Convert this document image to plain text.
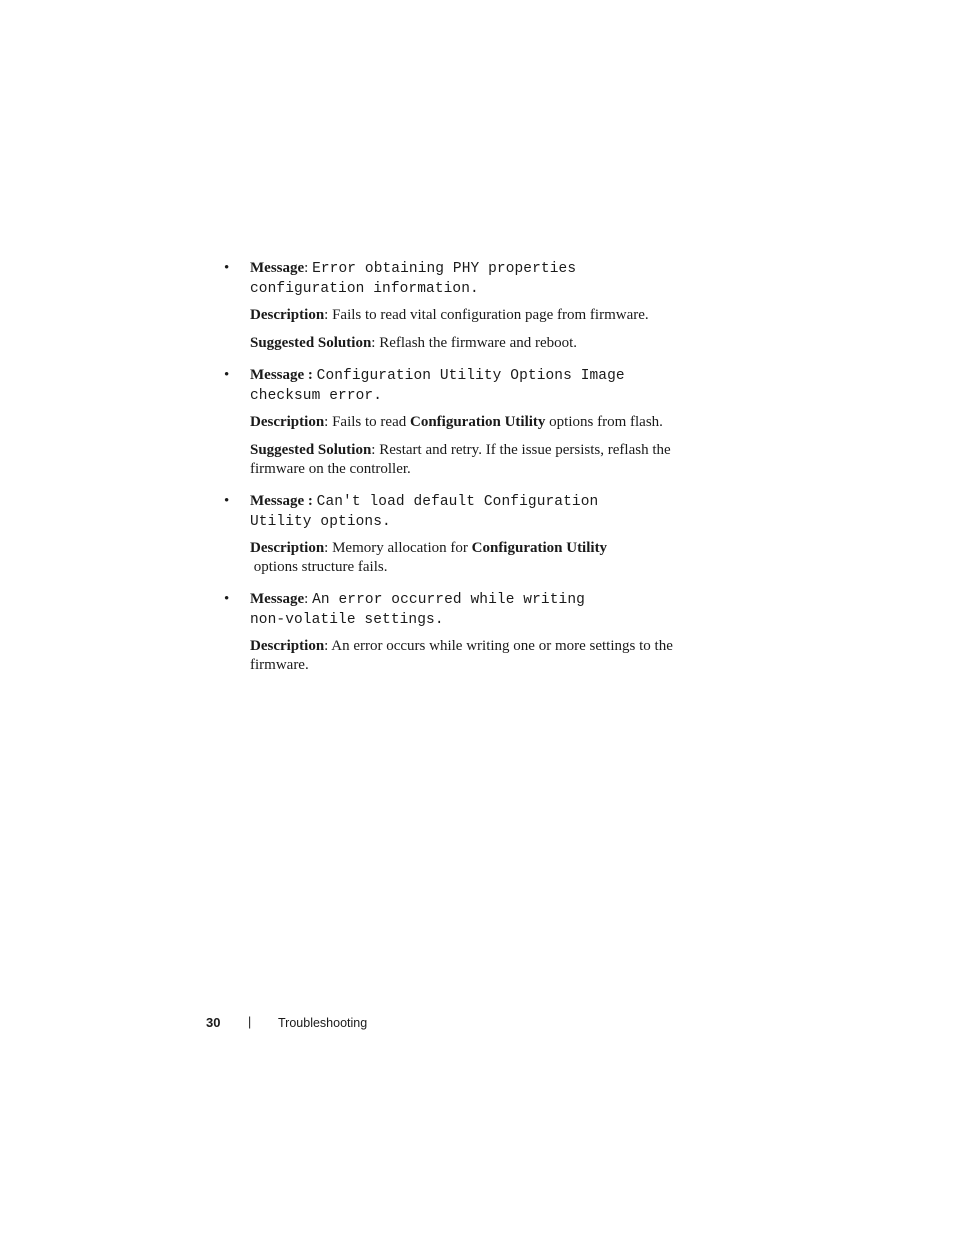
• Message: Error obtaining PHY properties
configuration information.
Description: Fails to read vital configuration page from firmware.
Suggested Solution: Reflash the firmware and reboot.
• Message : Configuration Utility Options Image
checksum error.
Description: Fails to read Configuration Utility options from flash.
Suggested Solution: Restart and retry. If the issue persists, reflash the firmware on the controller.
• Message : Can't load default Configuration
Utility options.
Description: Memory allocation for Configuration Utility options structure fails.
• Message: An error occurred while writing
non-volatile settings.
Description: An error occurs while writing one or more settings to the firmware.
30 | Troubleshooting
